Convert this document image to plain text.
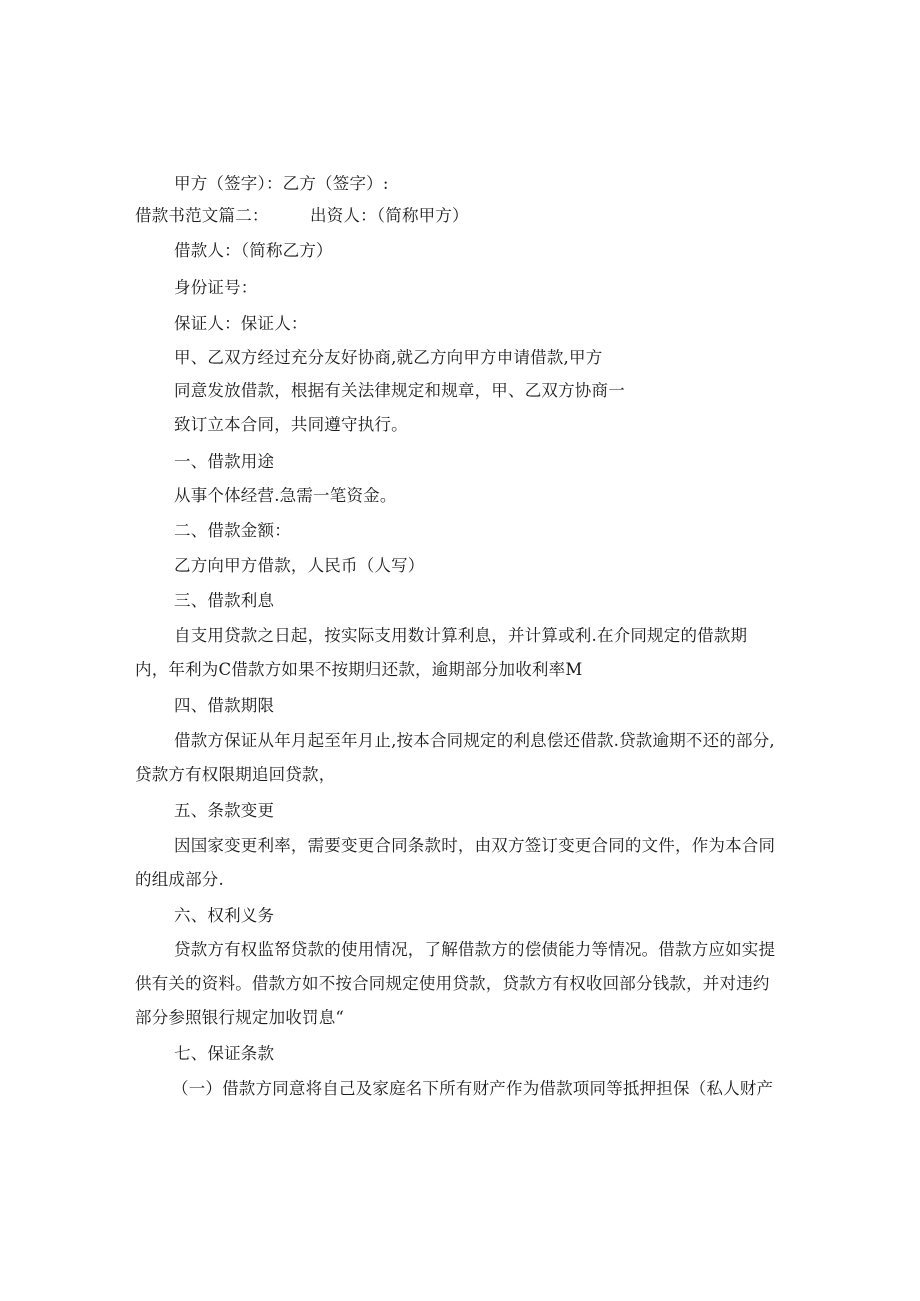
甲方（签字）：乙方（签字）:
借款书范文篇二：	出资人：（简称甲方）
借款人：（简称乙方）
身份证号：
保证人：保证人：
甲、乙双方经过充分友好协商,就乙方向甲方申请借款,甲方
同意发放借款，根据有关法律规定和规章，甲、乙双方协商一
致订立本合同，共同遵守执行。
一、借款用途
从事个体经营.急需一笔资金。
二、借款金额：
乙方向甲方借款，人民币（人写）
三、借款利息
自支用贷款之日起，按实际支用数计算利息，并计算或利.在介同规定的借款期
内，年利为C借款方如果不按期归还款，逾期部分加收利率M
四、借款期限
借款方保证从年月起至年月止,按本合同规定的利息偿还借款.贷款逾期不还的部分,
贷款方有权限期追回贷款，
五、条款变更
因国家变更利率，需要变更合同条款时，由双方签订变更合同的文件，作为本合同
的组成部分.
六、权利义务
贷款方有权监帑贷款的使用情况，了解借款方的偿债能力等情况。借款方应如实提
供有关的资料。借款方如不按合同规定使用贷款，贷款方有权收回部分钱款，并对违约
部分参照银行规定加收罚息“
七、保证条款
（一）借款方同意将自己及家庭名下所有财产作为借款项同等抵押担保（私人财产
